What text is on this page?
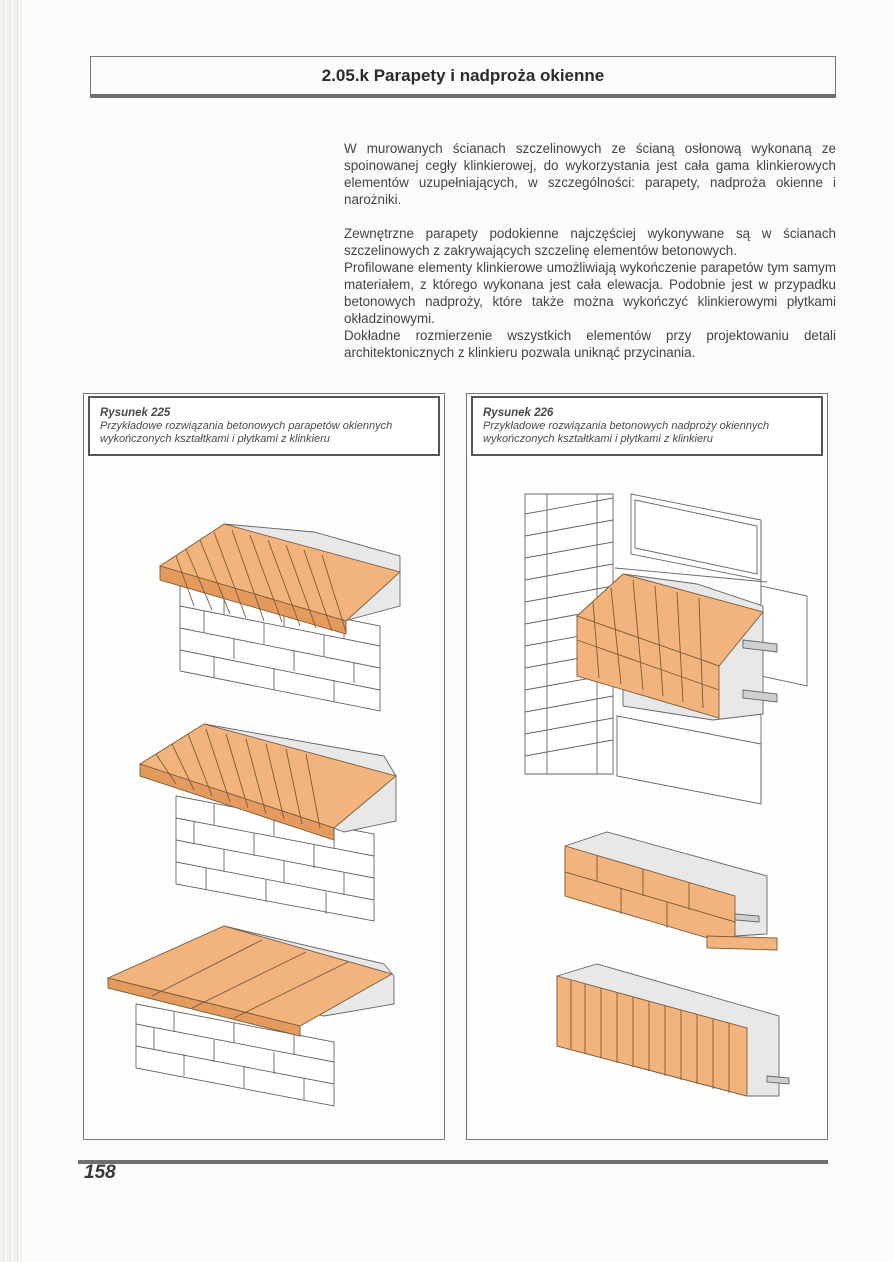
2.05.k Parapety i nadproża okienne

W murowanych ścianach szczelinowych ze ścianą osłonową wykonaną ze spoinowanej cegły klinkierowej, do wykorzystania jest cała gama klinkierowych elementów uzupełniających, w szczególności: parapety, nadproża okienne i narożniki.

Zewnętrzne parapety podokienne najczęściej wykonywane są w ścianach szczelinowych z zakrywających szczelinę elementów betonowych.

Profilowane elementy klinkierowe umożliwiają wykończenie parapetów tym samym materiałem, z którego wykonana jest cała elewacja. Podobnie jest w przypadku betonowych nadproży, które także można wykończyć klinkierowymi płytkami okładzinowymi.

Dokładne rozmierzenie wszystkich elementów przy projektowaniu detali architektonicznych z klinkieru pozwala uniknąć przycinania.

Rysunek 225
Przykładowe rozwiązania betonowych parapetów okiennych wykończonych kształtkami i płytkami z klinkieru
Rysunek 226
Przykładowe rozwiązania betonowych nadproży okiennych wykończonych kształtkami i płytkami z klinkieru
158
